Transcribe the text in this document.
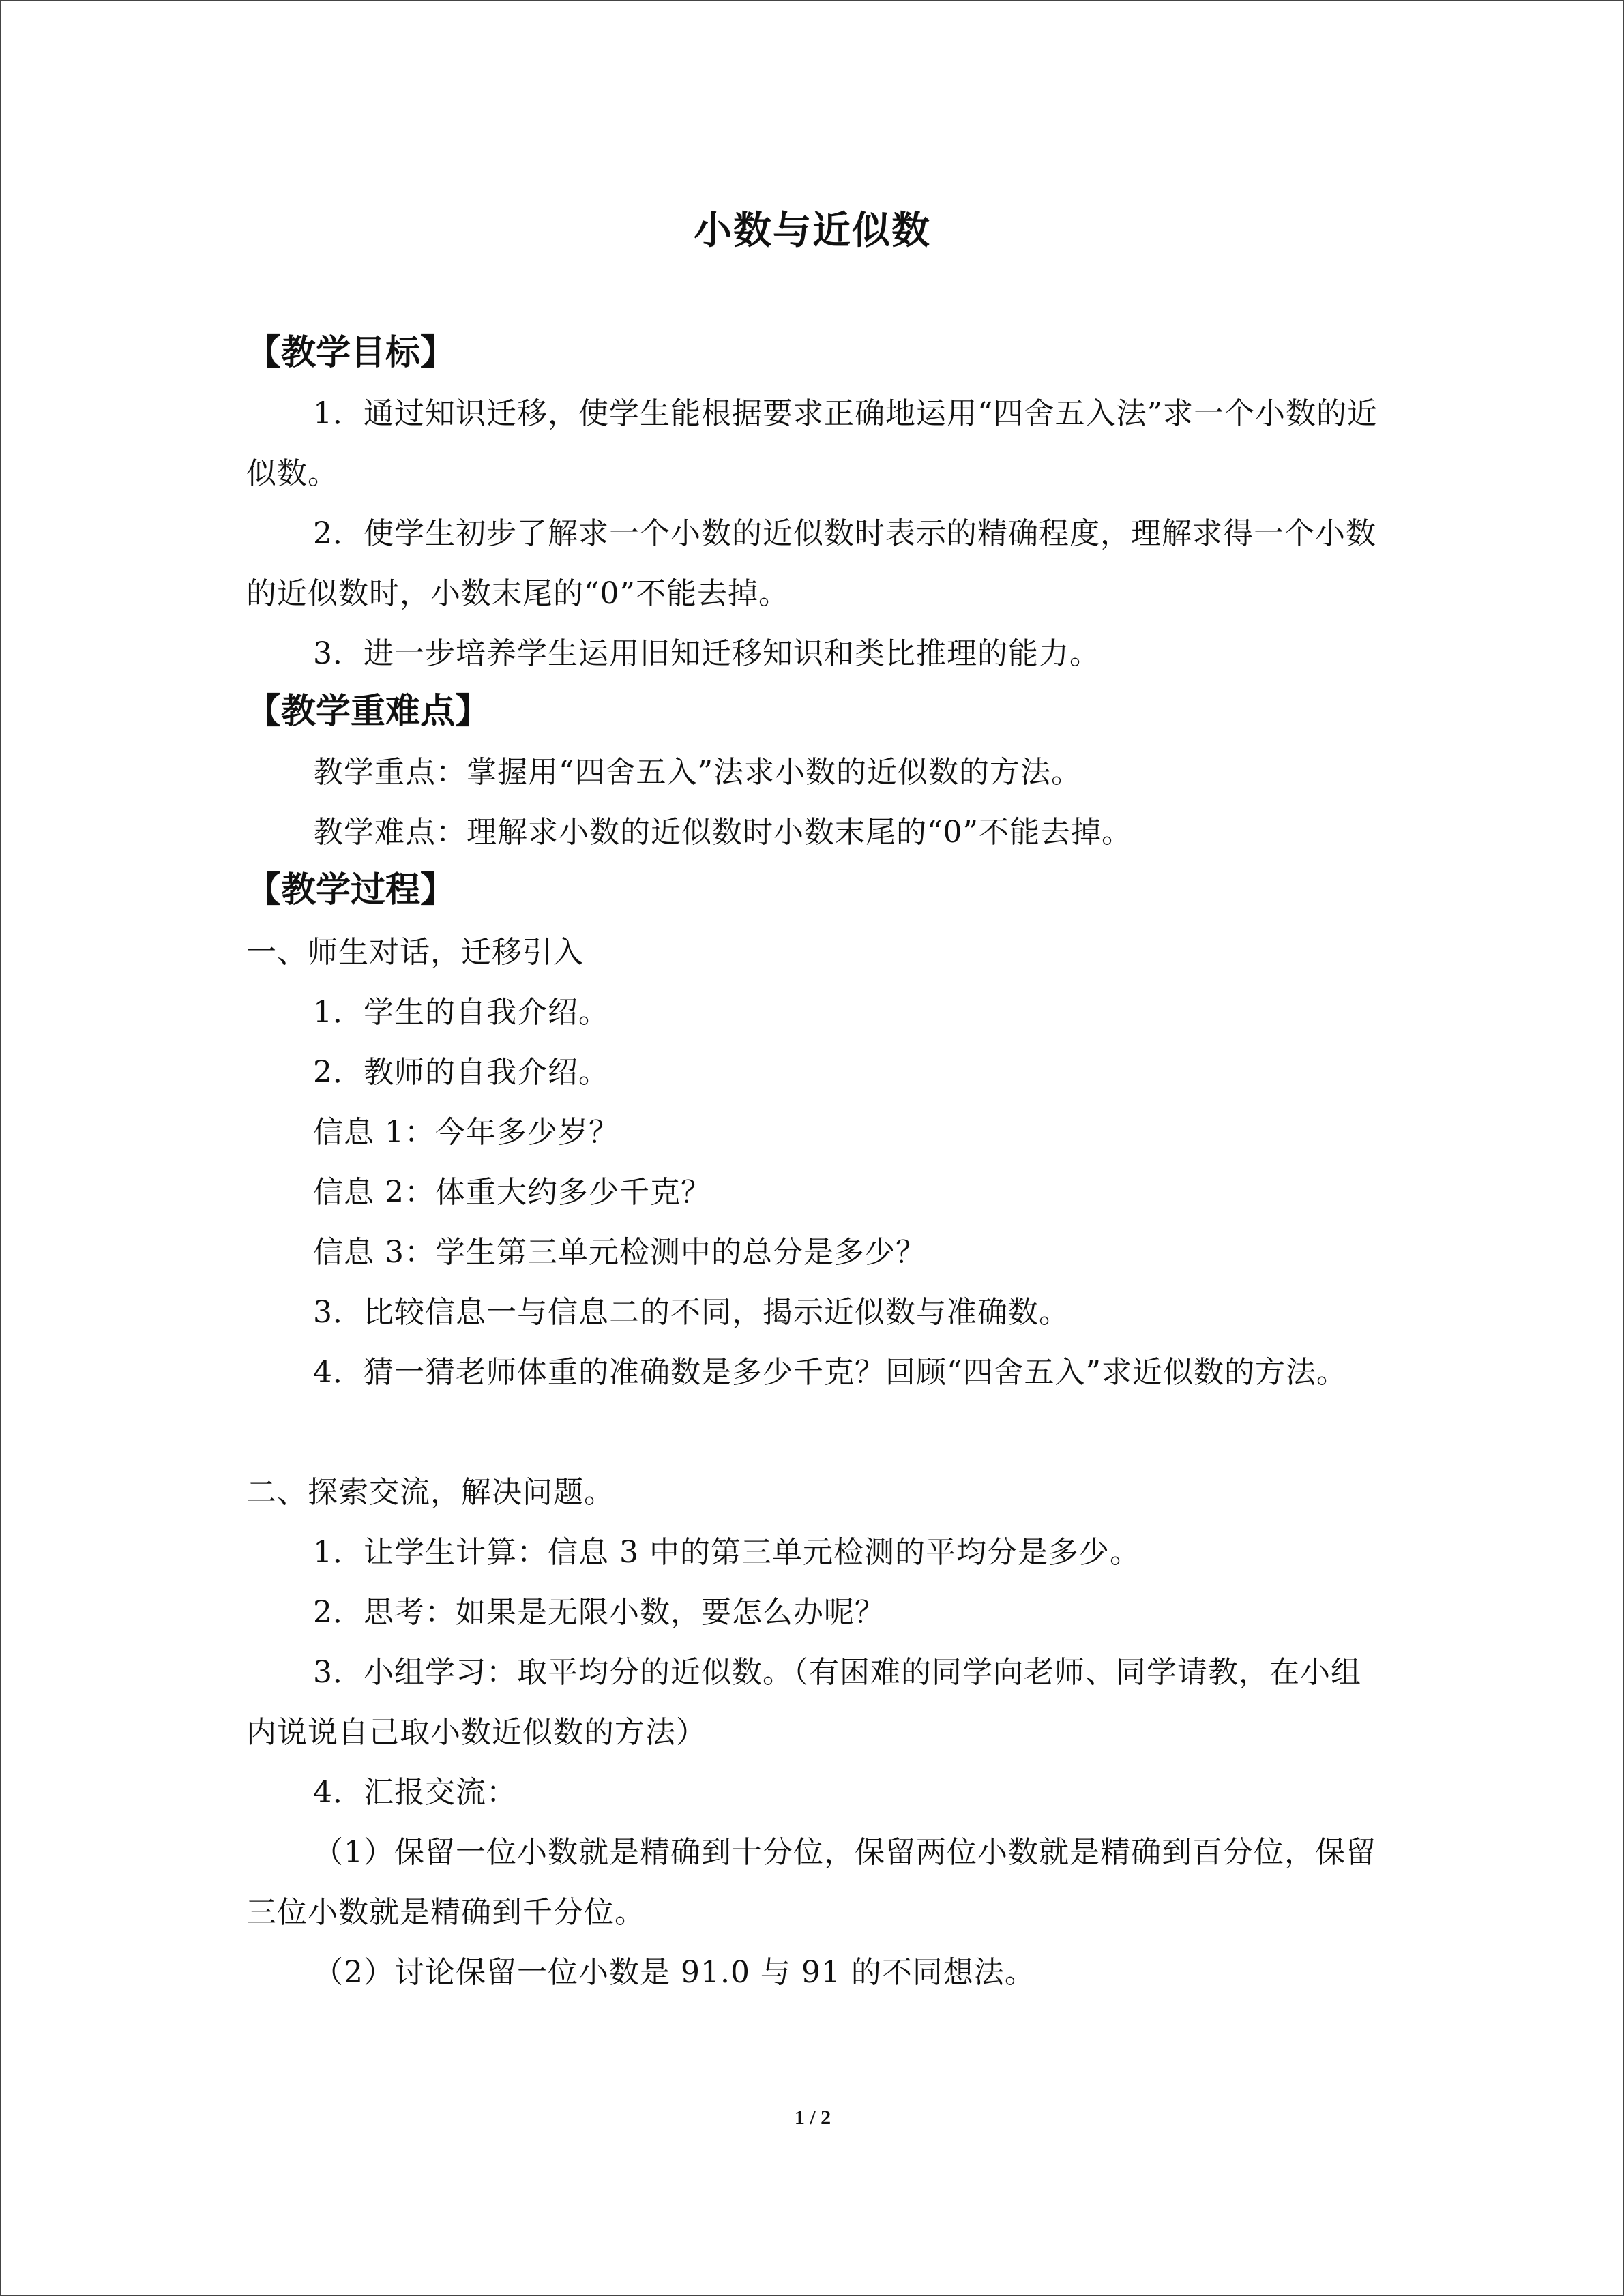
小数与近似数
【教学目标】
1．通过知识迁移，使学生能根据要求正确地运用“四舍五入法”求一个小数的近似数。
2．使学生初步了解求一个小数的近似数时表示的精确程度，理解求得一个小数的近似数时，小数末尾的“0”不能去掉。
3．进一步培养学生运用旧知迁移知识和类比推理的能力。
【教学重难点】
教学重点：掌握用“四舍五入”法求小数的近似数的方法。
教学难点：理解求小数的近似数时小数末尾的“0”不能去掉。
【教学过程】
一、师生对话，迁移引入
1．学生的自我介绍。
2．教师的自我介绍。
信息 1：今年多少岁？
信息 2：体重大约多少千克？
信息 3：学生第三单元检测中的总分是多少？
3．比较信息一与信息二的不同，揭示近似数与准确数。
4．猜一猜老师体重的准确数是多少千克？回顾“四舍五入”求近似数的方法。
二、探索交流，解决问题。
1．让学生计算：信息 3 中的第三单元检测的平均分是多少。
2．思考：如果是无限小数，要怎么办呢？
3．小组学习：取平均分的近似数。（有困难的同学向老师、同学请教，在小组内说说自己取小数近似数的方法）
4．汇报交流：
（1）保留一位小数就是精确到十分位，保留两位小数就是精确到百分位，保留三位小数就是精确到千分位。
（2）讨论保留一位小数是 91.0 与 91 的不同想法。
1 / 2
